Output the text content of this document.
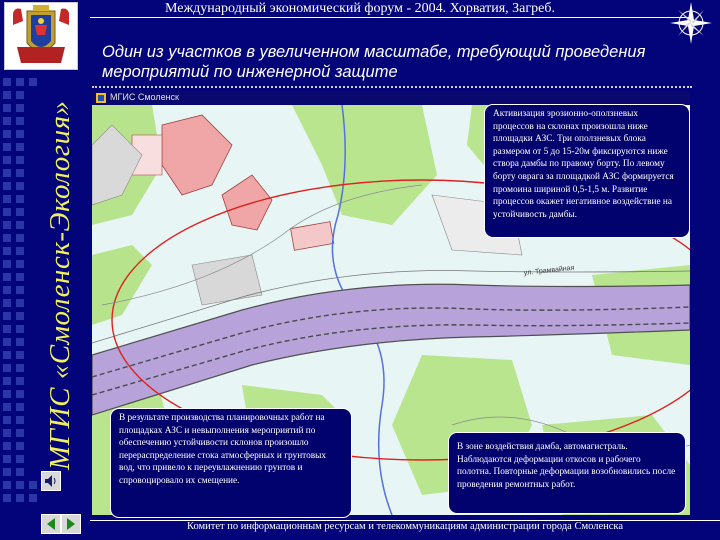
МГИС «Смоленск-Экология»
Международный экономический форум - 2004. Хорватия, Загреб.
Один из участков в увеличенном масштабе, требующий проведения мероприятий по инженерной защите
МГИС Смоленск
ул. Трамвайная
Активизация эрозионно-оползневых процессов на склонах произошла ниже площадки АЗС. Три оползневых блока размером от 5 до 15-20м фиксируются ниже створа дамбы по правому борту. По левому борту оврага за площадкой АЗС формируется промоина шириной 0,5-1,5 м. Развитие процессов окажет негативное воздействие на устойчивость дамбы.
В результате производства планировочных работ на площадках АЗС и невыполнения мероприятий по обеспечению устойчивости склонов произошло перераспределение стока атмосферных и грунтовых вод, что привело к переувлажнению грунтов и спровоцировало их смещение.
В зоне воздействия дамба, автомагистраль. Наблюдаются деформации откосов и рабочего полотна. Повторные деформации возобновились после проведения ремонтных работ.
Комитет по информационным ресурсам и телекоммуникациям администрации города Смоленска
